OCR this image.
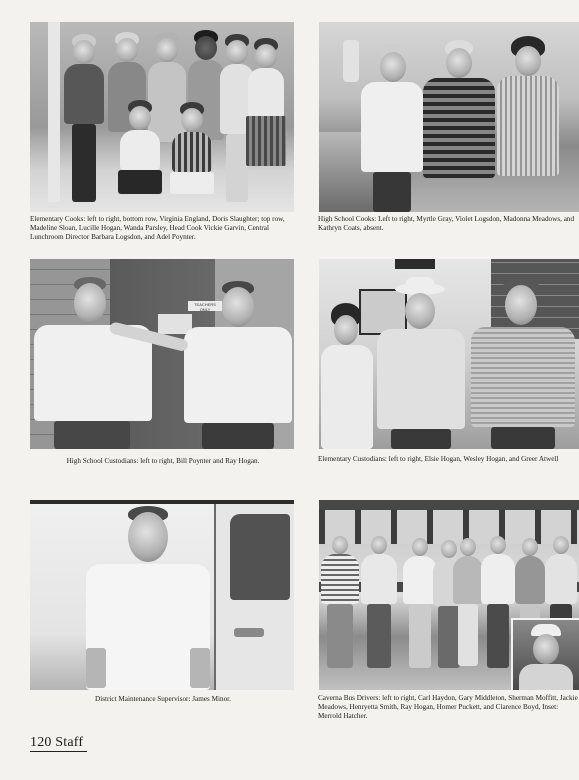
Elementary Cooks: left to right, bottom row, Virginia England, Doris Slaughter; top row, Madeline Sloan, Lucille Hogan, Wanda Parsley, Head Cook Vickie Garvin, Central Lunchroom Director Barbara Logsdon, and Adel Poynter.
High School Cooks: Left to right, Myrtle Gray, Violet Logsdon, Madonna Meadows, and Kathryn Coats, absent.
TEACHERS ONLY
High School Custodians: left to right, Bill Poynter and Ray Hogan.	Elementary Custodians: left to right, Elsie Hogan, Wesley Hogan, and Greer Atwell
District Maintenance Supervisor: James Minor.	Caverna Bus Drivers: left to right, Carl Haydon, Gary Middleton, Sherman Moffitt, Jackie Meadows, Henryetta Smith, Ray Hogan, Homer Puckett, and Clarence Boyd, Inset: Merrold Hatcher.
120 Staff
